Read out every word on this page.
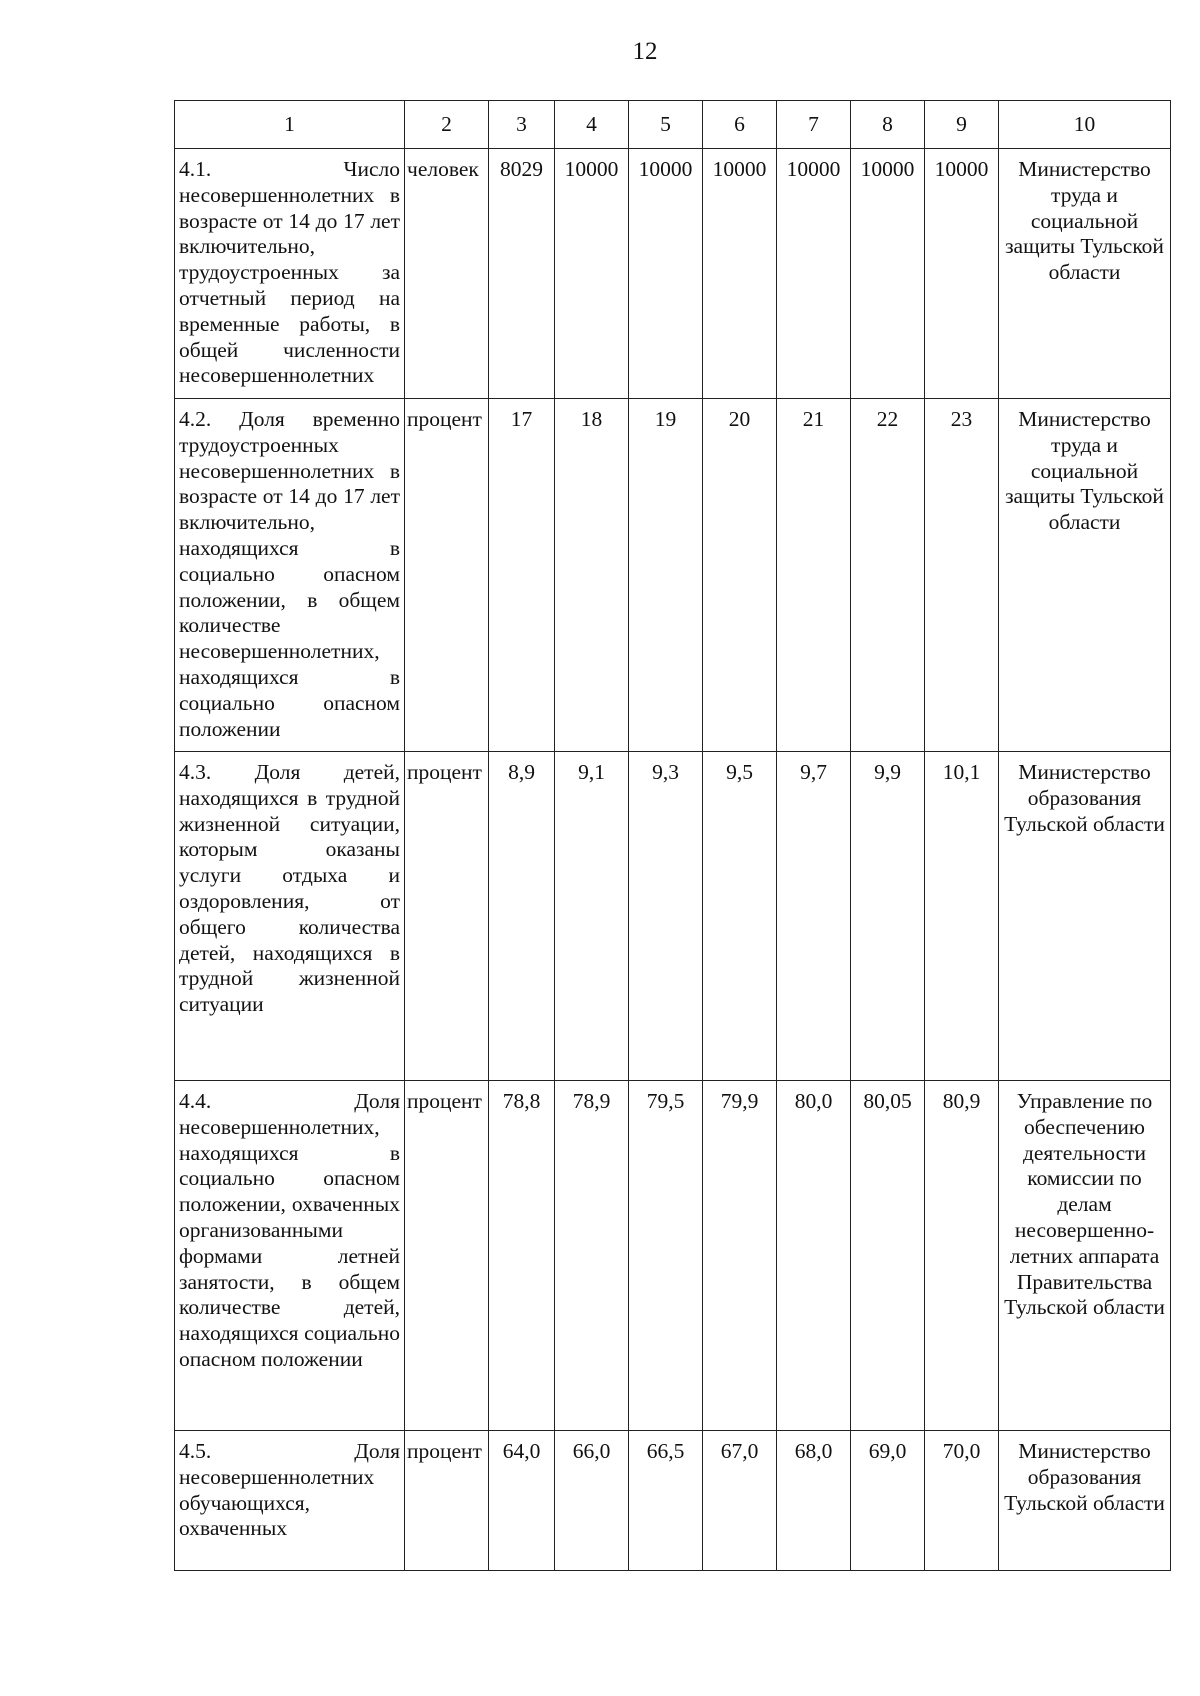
12
1	2	3	4	5	6	7	8	9	10
4.1. Число несовершеннолетних в возрасте от 14 до 17 лет включительно, трудоустроенных за отчетный период на временные работы, в общей численности несовершеннолетних	человек	8029	10000	10000	10000	10000	10000	10000	Министерство труда и социальной защиты Тульской области
4.2. Доля временно трудоустроенных несовершеннолетних в возрасте от 14 до 17 лет включительно, находящихся в социально опасном положении, в общем количестве несовершеннолетних, находящихся в социально опасном положении	процент	17	18	19	20	21	22	23	Министерство труда и социальной защиты Тульской области
4.3. Доля детей, находящихся в трудной жизненной ситуации, которым оказаны услуги отдыха и оздоровления, от общего количества детей, находящихся в трудной жизненной ситуации	процент	8,9	9,1	9,3	9,5	9,7	9,9	10,1	Министерство образования Тульской области
4.4. Доля несовершеннолетних, находящихся в социально опасном положении, охваченных организованными формами летней занятости, в общем количестве детей, находящихся социально опасном положении	процент	78,8	78,9	79,5	79,9	80,0	80,05	80,9	Управление по обеспечению деятельности комиссии по делам несовершенно-летних аппарата Правительства Тульской области
4.5. Доля несовершеннолетних обучающихся, охваченных	процент	64,0	66,0	66,5	67,0	68,0	69,0	70,0	Министерство образования Тульской области
